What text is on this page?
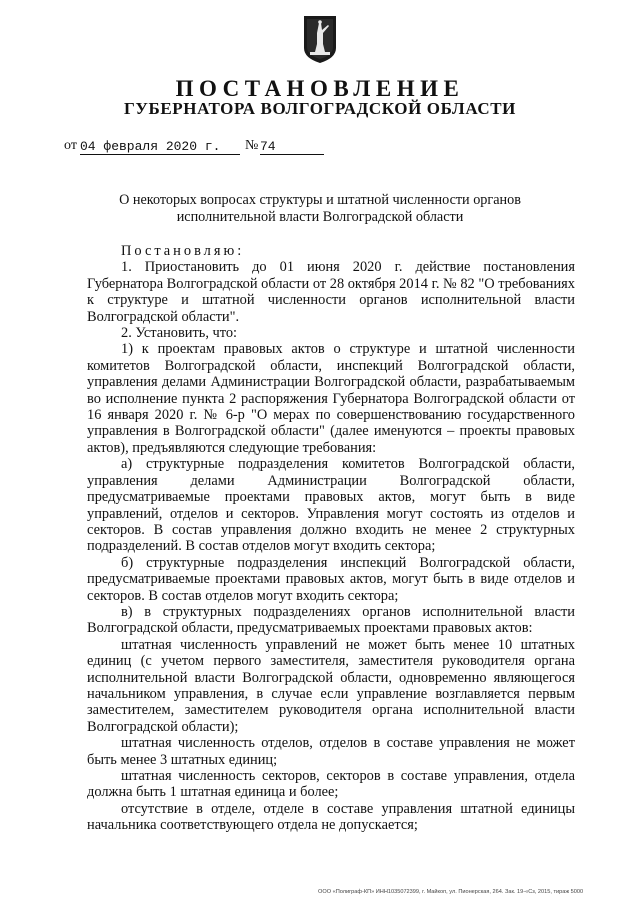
ПОСТАНОВЛЕНИЕ
ГУБЕРНАТОРА ВОЛГОГРАДСКОЙ ОБЛАСТИ
от 04 февраля 2020 г.	№ 74
О некоторых вопросах структуры и штатной численности органов
исполнительной власти Волгоградской области

Постановляю:

1. Приостановить до 01 июня 2020 г. действие постановления Губернатора Волгоградской области от 28 октября 2014 г. № 82 "О требованиях к структуре и штатной численности органов исполнительной власти Волгоградской области".

2. Установить, что:

1) к проектам правовых актов о структуре и штатной численности комитетов Волгоградской области, инспекций Волгоградской области, управления делами Администрации Волгоградской области, разрабатываемым во исполнение пункта 2 распоряжения Губернатора Волгоградской области от 16 января 2020 г. № 6-р "О мерах по совершенствованию государственного управления в Волгоградской области" (далее именуются – проекты правовых актов), предъявляются следующие требования:

а) структурные подразделения комитетов Волгоградской области, управления делами Администрации Волгоградской области, предусматриваемые проектами правовых актов, могут быть в виде управлений, отделов и секторов. Управления могут состоять из отделов и секторов. В состав управления должно входить не менее 2 структурных подразделений. В состав отделов могут входить сектора;

б) структурные подразделения инспекций Волгоградской области, предусматриваемые проектами правовых актов, могут быть в виде отделов и секторов. В состав отделов могут входить сектора;

в) в структурных подразделениях органов исполнительной власти Волгоградской области, предусматриваемых проектами правовых актов:

штатная численность управлений не может быть менее 10 штатных единиц (с учетом первого заместителя, заместителя руководителя органа исполнительной власти Волгоградской области, одновременно являющегося начальником управления, в случае если управление возглавляется первым заместителем, заместителем руководителя органа исполнительной власти Волгоградской области);

штатная численность отделов, отделов в составе управления не может быть менее 3 штатных единиц;

штатная численность секторов, секторов в составе управления, отдела должна быть 1 штатная единица и более;

отсутствие в отделе, отделе в составе управления штатной единицы начальника соответствующего отдела не допускается;

ООО «Полиграф-КП» ИНН1035072399, г. Майкоп, ул. Пионерская, 264. Зак. 19-«Сз, 2015, тираж 5000
